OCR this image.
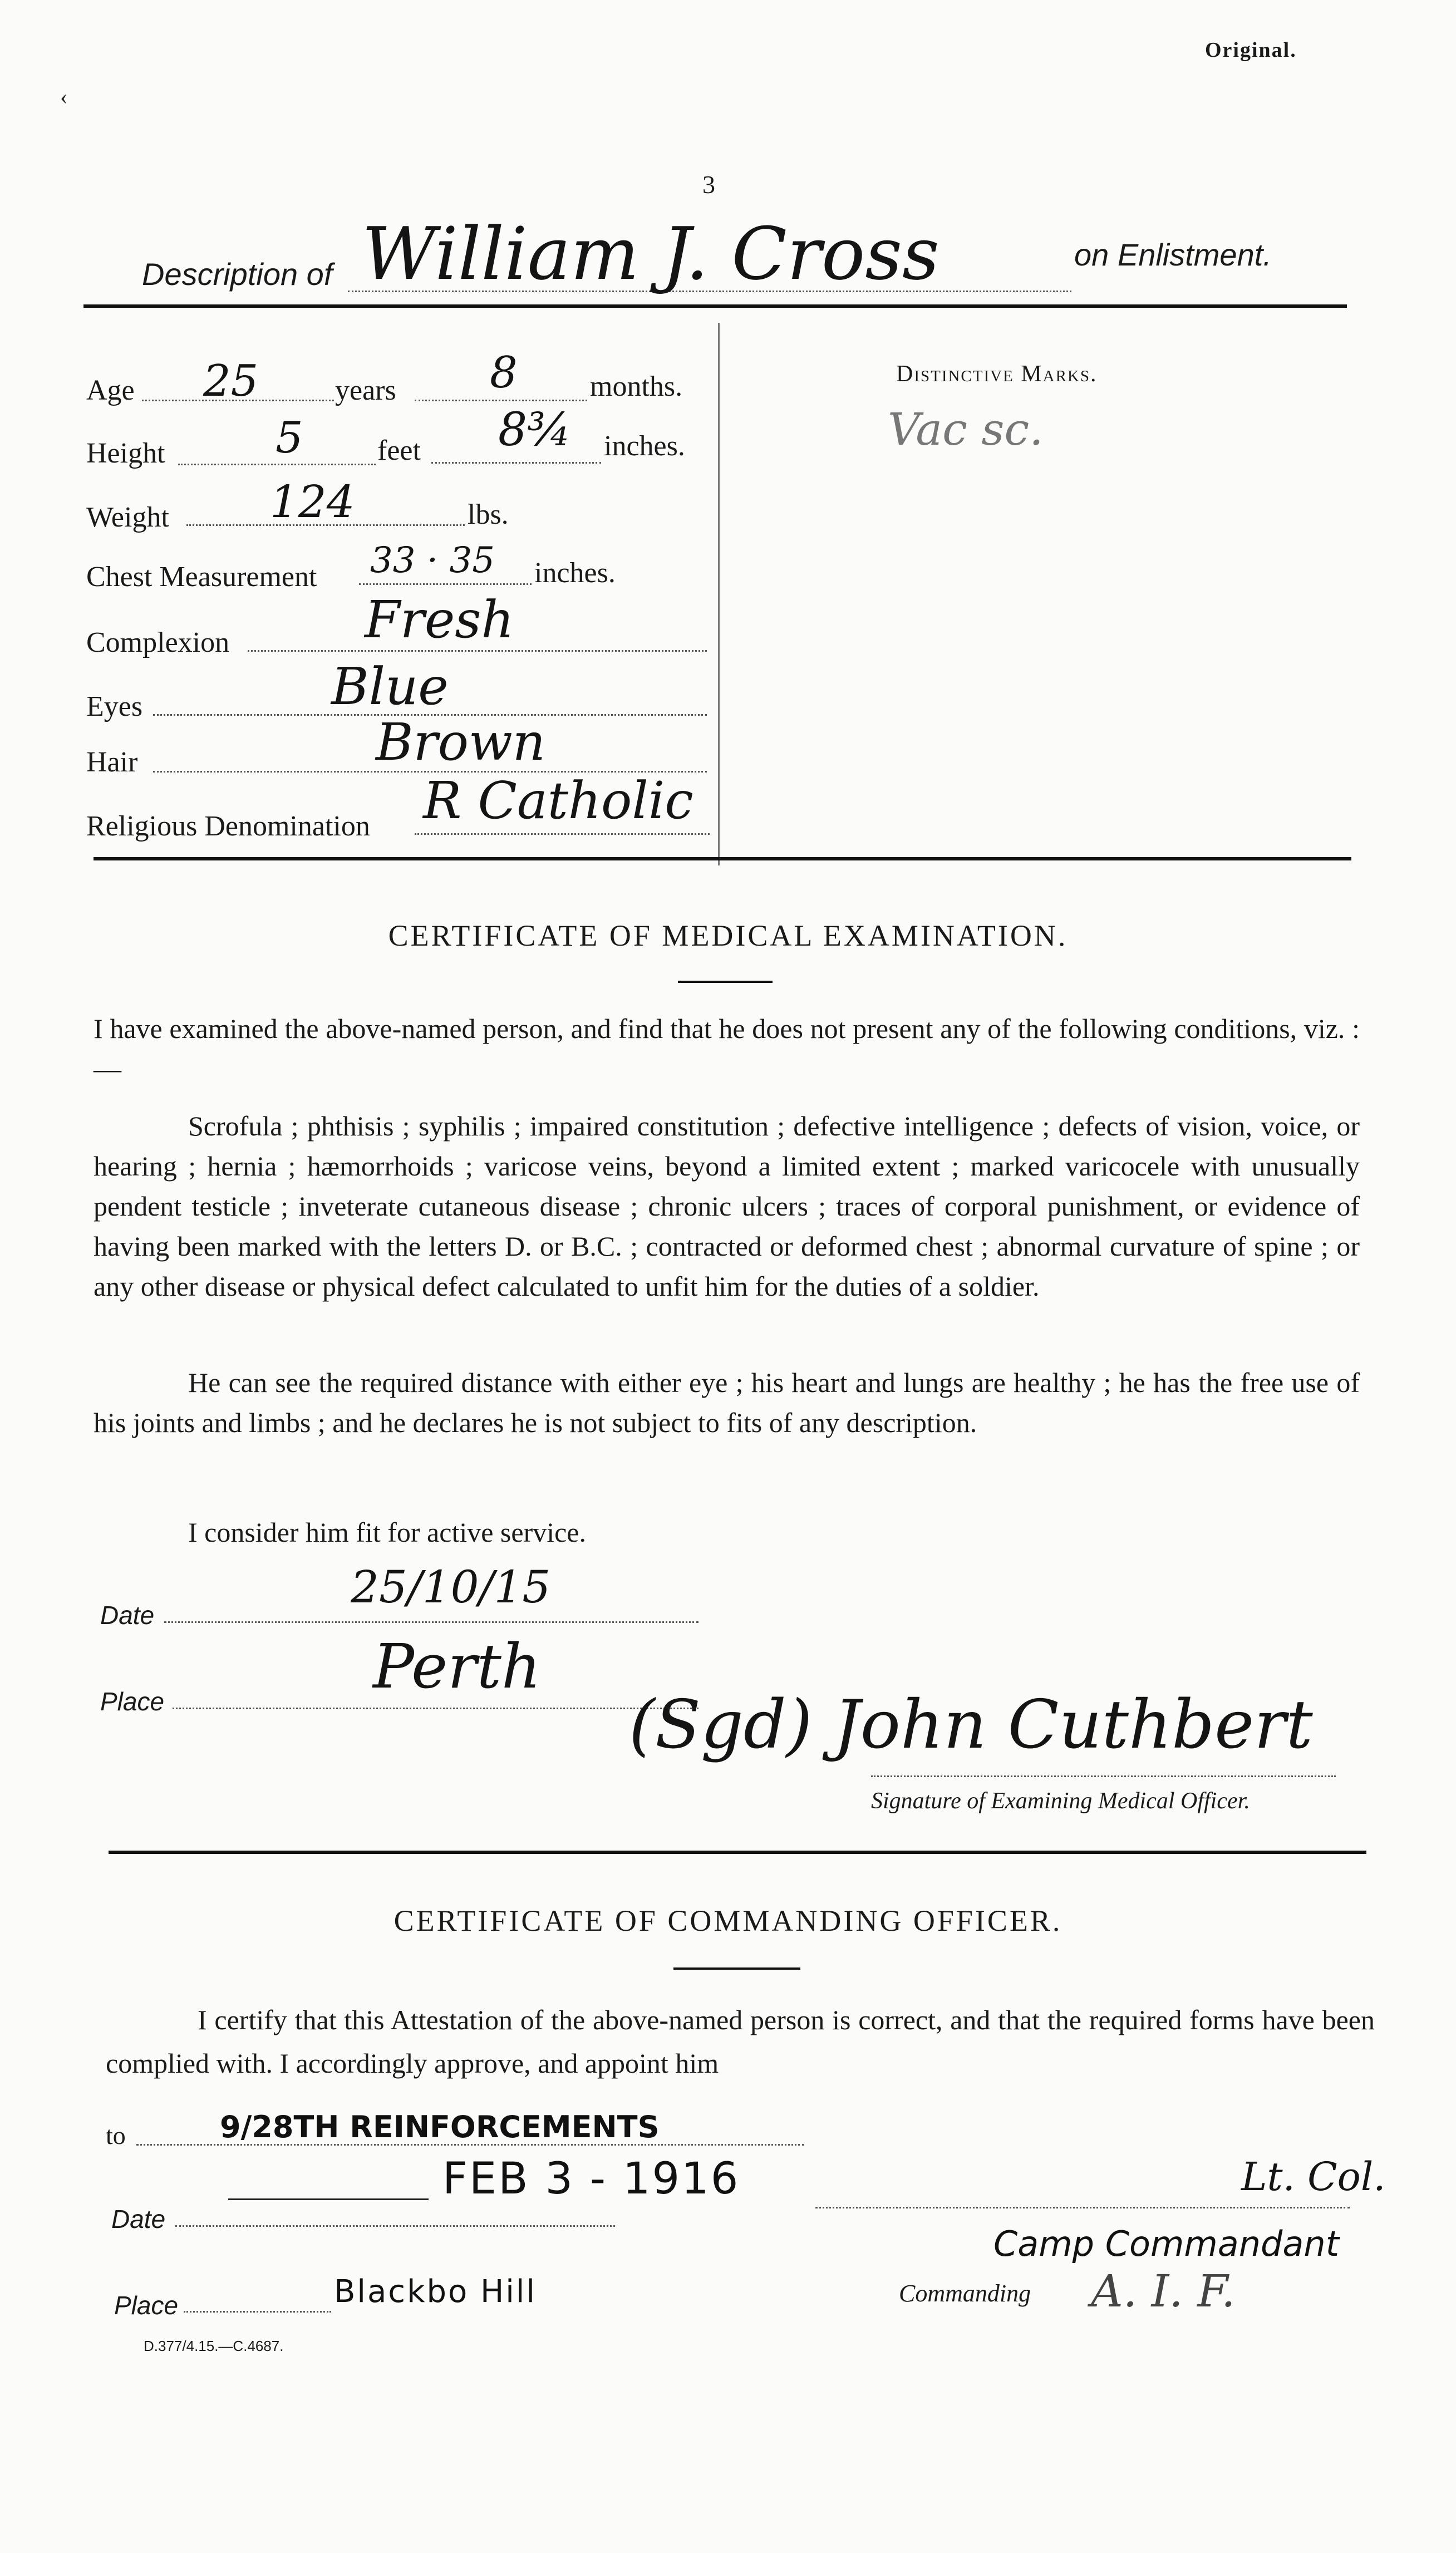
Original.
3
Description of William J. Cross	on Enlistment.
Age 25	years 8	months.
Height	5	feet 8¾ inches.
Weight 124	lbs.
Chest Measurement 33 · 35 inches.
Complexion	Fresh
Eyes	Blue
Hair	Brown
Religious Denomination R Catholic
Distinctive Marks.
Vac sc.
CERTIFICATE OF MEDICAL EXAMINATION.
I have examined the above-named person, and find that he does not present any of the following conditions, viz. :—
Scrofula ; phthisis ; syphilis ; impaired constitution ; defective intelligence ; defects of vision, voice, or hearing ; hernia ; hæmorrhoids ; varicose veins, beyond a limited extent ; marked varicocele with unusually pendent testicle ; inveterate cutaneous disease ; chronic ulcers ; traces of corporal punishment, or evidence of having been marked with the letters D. or B.C. ; contracted or deformed chest ; abnormal curvature of spine ; or any other disease or physical defect calculated to unfit him for the duties of a soldier.
He can see the required distance with either eye ; his heart and lungs are healthy ; he has the free use of his joints and limbs ; and he declares he is not subject to fits of any description.
I consider him fit for active service.
Date
25/10/15
Place	Perth
(Sgd) John Cuthbert
Signature of Examining Medical Officer.
CERTIFICATE OF COMMANDING OFFICER.
I certify that this Attestation of the above-named person is correct, and that the required forms have been complied with. I accordingly approve, and appoint him
to	9/28TH REINFORCEMENTS
FEB 3 - 1916
Date
Place	Blackbo Hill
Lt. Col.
Camp Commandant
Commanding A. I. F.
D.377/4.15.—C.4687.
‹
